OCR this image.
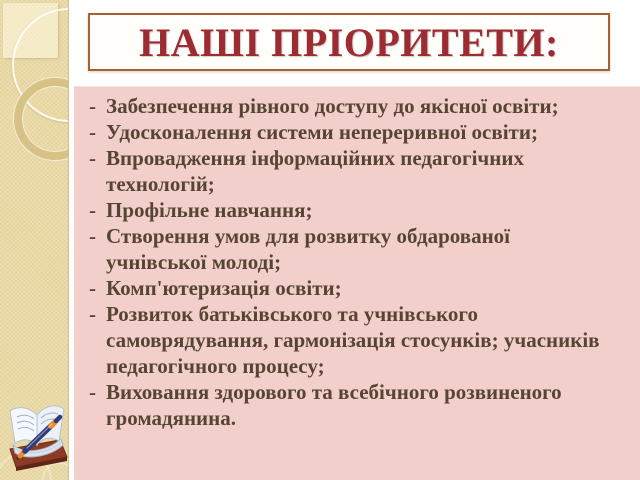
НАШІ ПРІОРИТЕТИ:
- Забезпечення рівного доступу до якісної освіти;
- Удосконалення системи непереривної освіти;
- Впровадження інформаційних педагогічних технологій;
- Профільне навчання;
- Створення умов для розвитку обдарованої учнівської молоді;
- Комп'ютеризація освіти;
- Розвиток батьківського та учнівського самоврядування, гармонізація стосунків; учасників педагогічного процесу;
- Виховання здорового та всебічного розвиненого громадянина.
